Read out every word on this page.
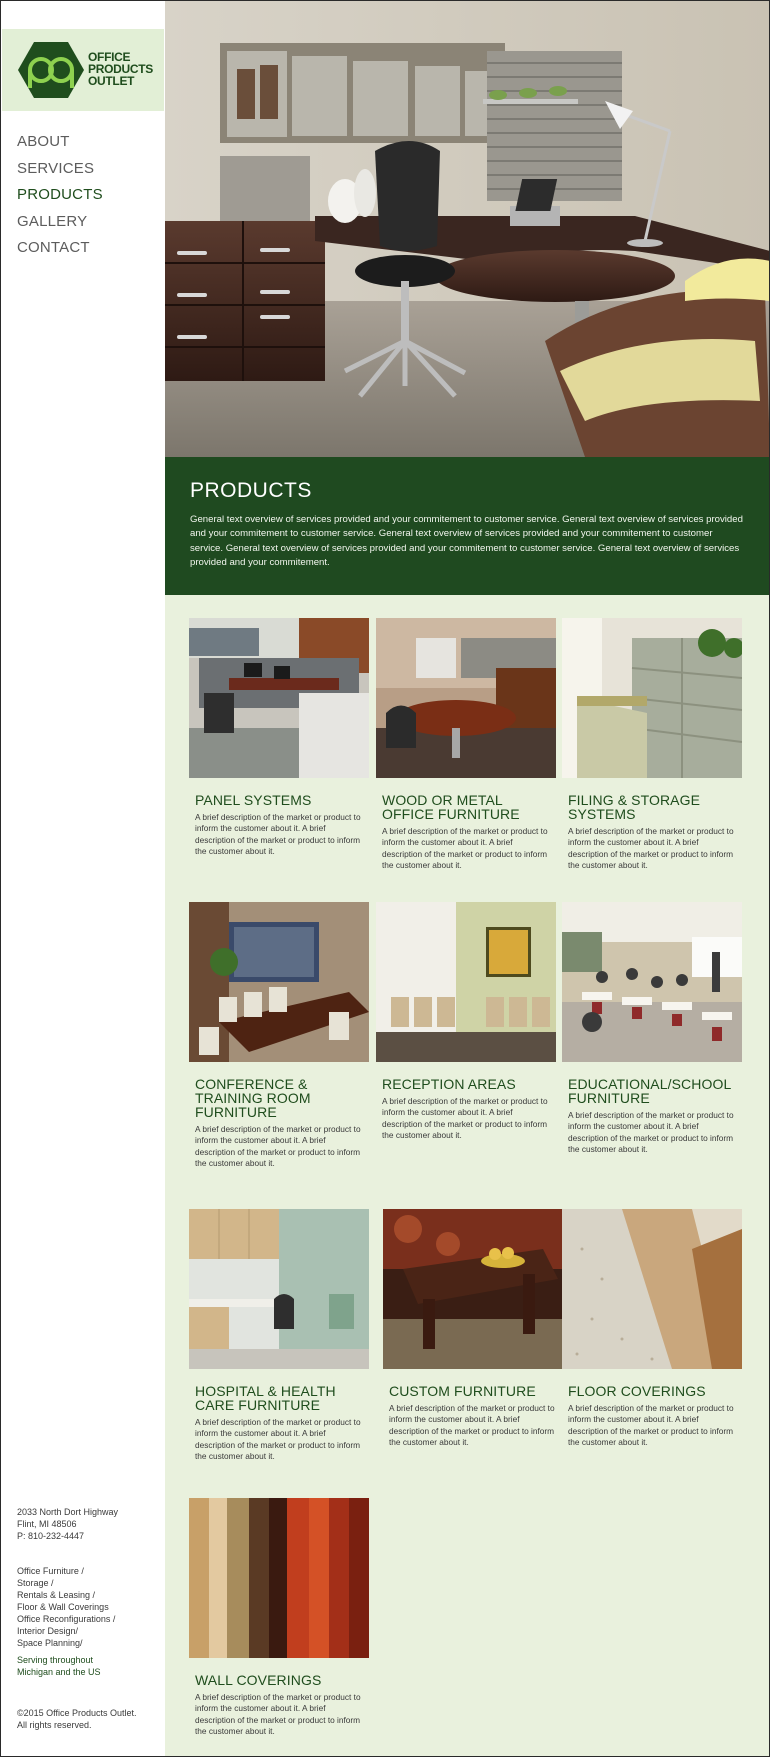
OFFICE
PRODUCTS
OUTLET
ABOUT
SERVICES
PRODUCTS
GALLERY
CONTACT
2033 North Dort Highway
Flint, MI 48506
P: 810-232-4447
Office Furniture /
Storage /
Rentals & Leasing /
Floor & Wall Coverings
Office Reconfigurations /
Interior Design/
Space Planning/
Serving throughout
Michigan and the US
©2015 Office Products Outlet.
All rights reserved.
PRODUCTS

General text overview of services provided and your commitement to customer service. General text overview of services provided and your commitement to customer service. General text overview of services provided and your commitement to customer service. General text overview of services provided and your commitement to customer service. General text overview of services provided and your commitement.

PANEL SYSTEMS

A brief description of the market or product to inform the customer about it. A brief description of the market or product to inform the customer about it.

WOOD OR METAL OFFICE FURNITURE

A brief description of the market or product to inform the customer about it. A brief description of the market or product to inform the customer about it.

FILING & STORAGE SYSTEMS

A brief description of the market or product to inform the customer about it. A brief description of the market or product to inform the customer about it.

CONFERENCE & TRAINING ROOM FURNITURE

A brief description of the market or product to inform the customer about it. A brief description of the market or product to inform the customer about it.

RECEPTION AREAS

A brief description of the market or product to inform the customer about it. A brief description of the market or product to inform the customer about it.

EDUCATIONAL/SCHOOL FURNITURE

A brief description of the market or product to inform the customer about it. A brief description of the market or product to inform the customer about it.

HOSPITAL & HEALTH CARE FURNITURE

A brief description of the market or product to inform the customer about it. A brief description of the market or product to inform the customer about it.

CUSTOM FURNITURE

A brief description of the market or product to inform the customer about it. A brief description of the market or product to inform the customer about it.

FLOOR COVERINGS

A brief description of the market or product to inform the customer about it. A brief description of the market or product to inform the customer about it.

WALL COVERINGS

A brief description of the market or product to inform the customer about it. A brief description of the market or product to inform the customer about it.
